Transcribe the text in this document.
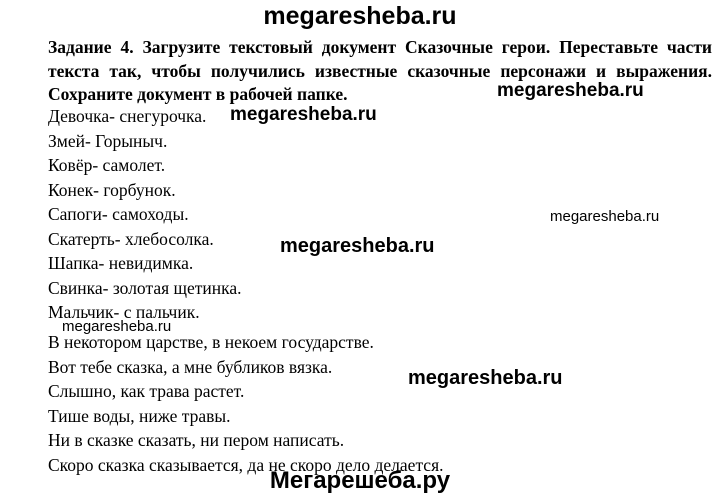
megaresheba.ru

Задание 4. Загрузите текстовый документ Сказочные герои. Переставьте части текста так, чтобы получились известные сказочные персонажи и выражения. Сохраните документ в рабочей папке.

Девочка- снегурочка.
Змей- Горыныч.
Ковёр- самолет.
Конек- горбунок.
Сапоги- самоходы.
Скатерть- хлебосолка.
Шапка- невидимка.
Свинка- золотая щетинка.
Мальчик- с пальчик.
В некотором царстве, в некоем государстве.
Вот тебе сказка, а мне бубликов вязка.
Слышно, как трава растет.
Тише воды, ниже травы.
Ни в сказке сказать, ни пером написать.
Скоро сказка сказывается, да не скоро дело делается.
megaresheba.ru
megaresheba.ru
megaresheba.ru
megaresheba.ru
megaresheba.ru
megaresheba.ru
Мегарешеба.ру
